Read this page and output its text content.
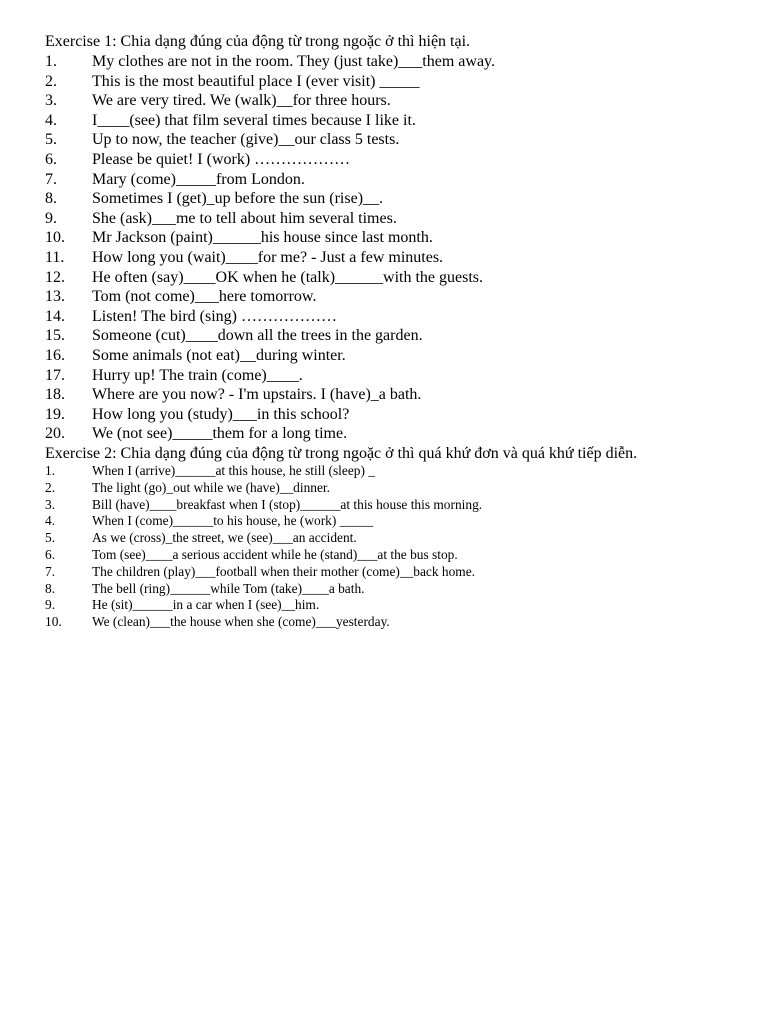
Exercise 1: Chia dạng đúng của động từ trong ngoặc ở thì hiện tại.
1. My clothes are not in the room. They (just take)___them away.
2. This is the most beautiful place I (ever visit) _____
3. We are very tired. We (walk)__for three hours.
4. I____(see) that film several times because I like it.
5. Up to now, the teacher (give)__our class 5 tests.
6. Please be quiet! I (work) ………………
7. Mary (come)_____from London.
8. Sometimes I (get)_up before the sun (rise)__.
9. She (ask)___me to tell about him several times.
10. Mr Jackson (paint)______his house since last month.
11. How long you (wait)____for me? - Just a few minutes.
12. He often (say)____OK when he (talk)______with the guests.
13. Tom (not come)___here tomorrow.
14. Listen! The bird (sing) ………………
15. Someone (cut)____down all the trees in the garden.
16. Some animals (not eat)__during winter.
17. Hurry up! The train (come)____.
18. Where are you now? - I'm upstairs. I (have)_a bath.
19. How long you (study)___in this school?
20. We (not see)_____them for a long time.
Exercise 2: Chia dạng đúng của động từ trong ngoặc ở thì quá khứ đơn và quá khứ tiếp diễn.
1.	When I (arrive)______at this house, he still (sleep) _
2.	The light (go)_out while we (have)__dinner.
3.	Bill (have)____breakfast when I (stop)______at this house this morning.
4.	When I (come)______to his house, he (work) _____
5.	As we (cross)_the street, we (see)___an accident.
6.	Tom (see)____a serious accident while he (stand)___at the bus stop.
7.	The children (play)___football when their mother (come)__back home.
8.	The bell (ring)______while Tom (take)____a bath.
9.	He (sit)______in a car when I (see)__him.
10. We (clean)___the house when she (come)___yesterday.
